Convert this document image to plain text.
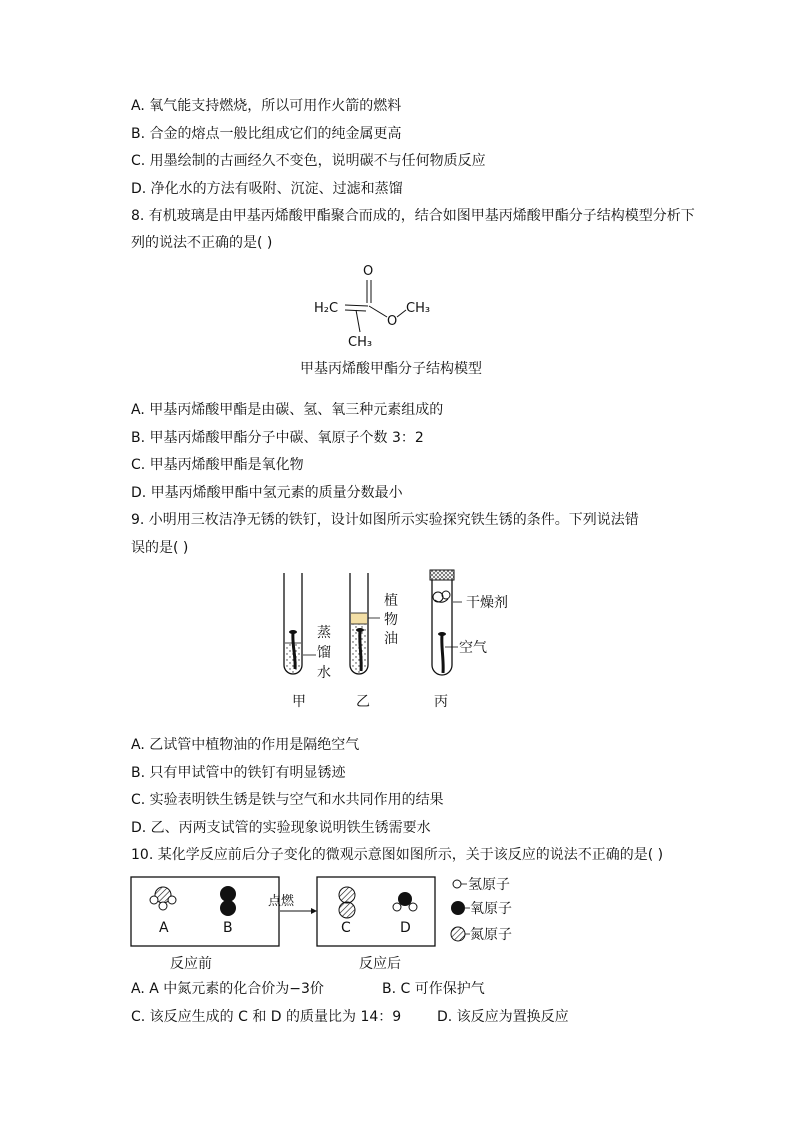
A. 氧气能支持燃烧，所以可用作火箭的燃料
B. 合金的熔点一般比组成它们的纯金属更高
C. 用墨绘制的古画经久不变色，说明碳不与任何物质反应
D. 净化水的方法有吸附、沉淀、过滤和蒸馏
8. 有机玻璃是由甲基丙烯酸甲酯聚合而成的，结合如图甲基丙烯酸甲酯分子结构模型分析下
列的说法不正确的是( )
O
H₂C
O
CH₃
CH₃
甲基丙烯酸甲酯分子结构模型
A. 甲基丙烯酸甲酯是由碳、氢、氧三种元素组成的
B. 甲基丙烯酸甲酯分子中碳、氧原子个数 3：2
C. 甲基丙烯酸甲酯是氧化物
D. 甲基丙烯酸甲酯中氢元素的质量分数最小
9. 小明用三枚洁净无锈的铁钉，设计如图所示实验探究铁生锈的条件。下列说法错
误的是( )
蒸
馏
水
植
物
油
干燥剂
空气
甲	乙	丙
A. 乙试管中植物油的作用是隔绝空气
B. 只有甲试管中的铁钉有明显锈迹
C. 实验表明铁生锈是铁与空气和水共同作用的结果
D. 乙、丙两支试管的实验现象说明铁生锈需要水
10. 某化学反应前后分子变化的微观示意图如图所示，关于该反应的说法不正确的是( )
A	B
点燃
C	D
氢原子
氧原子
氮原子
反应前	反应后
A. A 中氮元素的化合价为−3价	B. C 可作保护气
C. 该反应生成的 C 和 D 的质量比为 14：9	D. 该反应为置换反应
